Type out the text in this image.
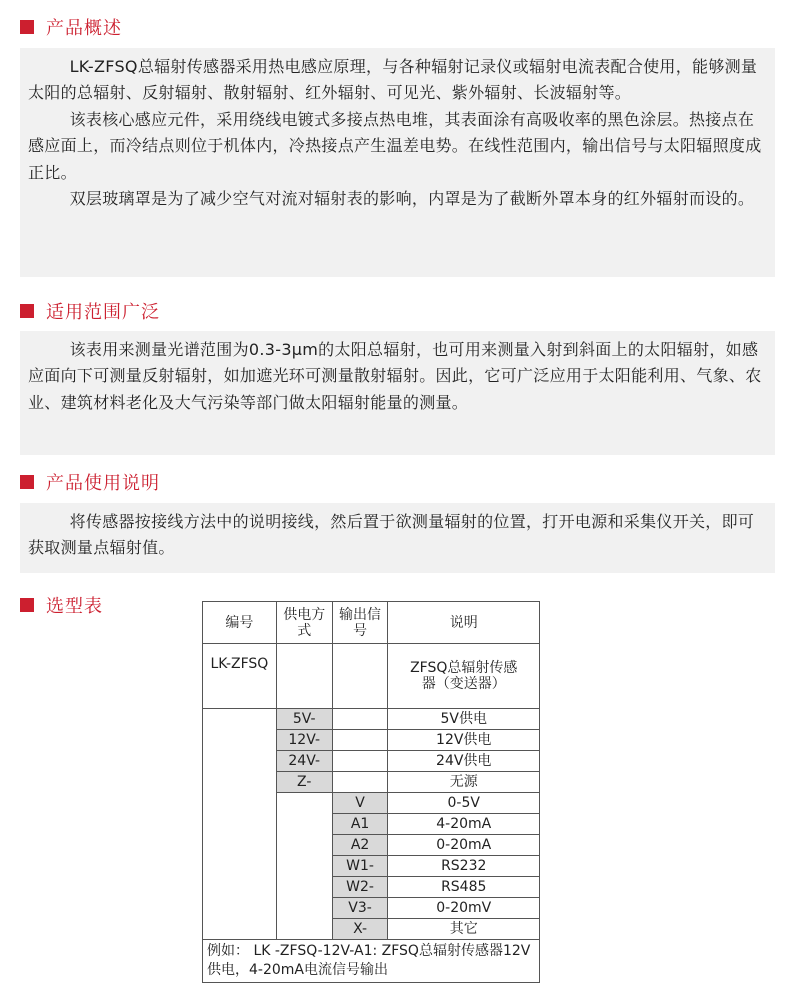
产品概述

LK-ZFSQ总辐射传感器采用热电感应原理，与各种辐射记录仪或辐射电流表配合使用，能够测量太阳的总辐射、反射辐射、散射辐射、红外辐射、可见光、紫外辐射、长波辐射等。

该表核心感应元件，采用绕线电镀式多接点热电堆，其表面涂有高吸收率的黑色涂层。热接点在感应面上，而冷结点则位于机体内，冷热接点产生温差电势。在线性范围内，输出信号与太阳辐照度成正比。

双层玻璃罩是为了减少空气对流对辐射表的影响，内罩是为了截断外罩本身的红外辐射而设的。

适用范围广泛

该表用来测量光谱范围为0.3-3μm的太阳总辐射，也可用来测量入射到斜面上的太阳辐射，如感应面向下可测量反射辐射，如加遮光环可测量散射辐射。因此，它可广泛应用于太阳能利用、气象、农业、建筑材料老化及大气污染等部门做太阳辐射能量的测量。

产品使用说明

将传感器按接线方法中的说明接线，然后置于欲测量辐射的位置，打开电源和采集仪开关，即可获取测量点辐射值。

选型表
编号	供电方式	输出信号	说明
LK-ZFSQ			ZFSQ总辐射传感器（变送器）
	5V-		5V供电
	12V-		12V供电
	24V-		24V供电
	Z-		无源
		V	0-5V
		A1	4-20mA
		A2	0-20mA
		W1-	RS232
		W2-	RS485
		V3-	0-20mV
		X-	其它
例如： LK -ZFSQ-12V-A1: ZFSQ总辐射传感器12V供电，4-20mA电流信号输出			
